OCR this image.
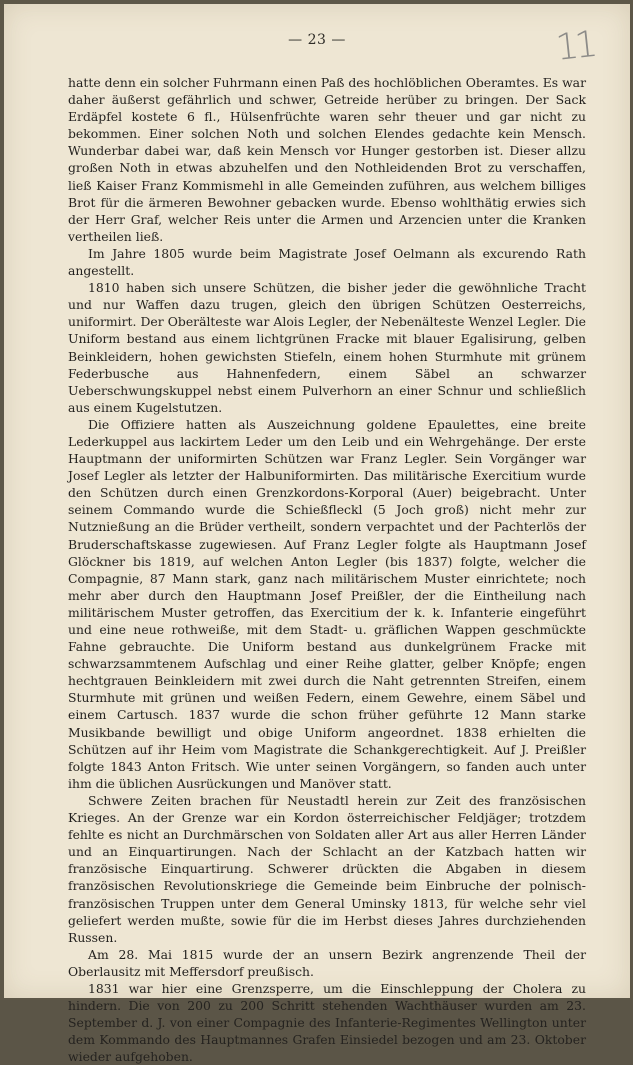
— 23 —	11

hatte denn ein solcher Fuhrmann einen Paß des hochlöblichen Oberamtes. Es war daher äußerst gefährlich und schwer, Getreide herüber zu bringen. Der Sack Erdäpfel kostete 6 fl., Hülsenfrüchte waren sehr theuer und gar nicht zu bekommen. Einer solchen Noth und solchen Elendes gedachte kein Mensch. Wunderbar dabei war, daß kein Mensch vor Hunger gestorben ist. Dieser allzu großen Noth in etwas abzuhelfen und den Nothleidenden Brot zu verschaffen, ließ Kaiser Franz Kommismehl in alle Gemeinden zuführen, aus welchem billiges Brot für die ärmeren Bewohner gebacken wurde. Ebenso wohlthätig erwies sich der Herr Graf, welcher Reis unter die Armen und Arzencien unter die Kranken vertheilen ließ.

Im Jahre 1805 wurde beim Magistrate Josef Oelmann als excurendo Rath angestellt.

1810 haben sich unsere Schützen, die bisher jeder die gewöhnliche Tracht und nur Waffen dazu trugen, gleich den übrigen Schützen Oesterreichs, uniformirt. Der Oberälteste war Alois Legler, der Nebenälteste Wenzel Legler. Die Uniform bestand aus einem lichtgrünen Fracke mit blauer Egalisirung, gelben Beinkleidern, hohen gewichsten Stiefeln, einem hohen Sturmhute mit grünem Federbusche aus Hahnenfedern, einem Säbel an schwarzer Ueberschwungskuppel nebst einem Pulverhorn an einer Schnur und schließlich aus einem Kugelstutzen.

Die Offiziere hatten als Auszeichnung goldene Epaulettes, eine breite Lederkuppel aus lackirtem Leder um den Leib und ein Wehrgehänge. Der erste Hauptmann der uniformirten Schützen war Franz Legler. Sein Vorgänger war Josef Legler als letzter der Halbuniformirten. Das militärische Exercitium wurde den Schützen durch einen Grenzkordons-Korporal (Auer) beigebracht. Unter seinem Commando wurde die Schießfleckl (5 Joch groß) nicht mehr zur Nutznießung an die Brüder vertheilt, sondern verpachtet und der Pachterlös der Bruderschaftskasse zugewiesen. Auf Franz Legler folgte als Hauptmann Josef Glöckner bis 1819, auf welchen Anton Legler (bis 1837) folgte, welcher die Compagnie, 87 Mann stark, ganz nach militärischem Muster einrichtete; noch mehr aber durch den Hauptmann Josef Preißler, der die Eintheilung nach militärischem Muster getroffen, das Exercitium der k. k. Infanterie eingeführt und eine neue rothweiße, mit dem Stadt- u. gräflichen Wappen geschmückte Fahne gebrauchte. Die Uniform bestand aus dunkelgrünem Fracke mit schwarzsammtenem Aufschlag und einer Reihe glatter, gelber Knöpfe; engen hechtgrauen Beinkleidern mit zwei durch die Naht getrennten Streifen, einem Sturmhute mit grünen und weißen Federn, einem Gewehre, einem Säbel und einem Cartusch. 1837 wurde die schon früher geführte 12 Mann starke Musikbande bewilligt und obige Uniform angeordnet. 1838 erhielten die Schützen auf ihr Heim vom Magistrate die Schankgerechtigkeit. Auf J. Preißler folgte 1843 Anton Fritsch. Wie unter seinen Vorgängern, so fanden auch unter ihm die üblichen Ausrückungen und Manöver statt.

Schwere Zeiten brachen für Neustadtl herein zur Zeit des französischen Krieges. An der Grenze war ein Kordon österreichischer Feldjäger; trotzdem fehlte es nicht an Durchmärschen von Soldaten aller Art aus aller Herren Länder und an Einquartirungen. Nach der Schlacht an der Katzbach hatten wir französische Einquartirung. Schwerer drückten die Abgaben in diesem französischen Revolutionskriege die Gemeinde beim Einbruche der polnisch-französischen Truppen unter dem General Uminsky 1813, für welche sehr viel geliefert werden mußte, sowie für die im Herbst dieses Jahres durchziehenden Russen.

Am 28. Mai 1815 wurde der an unsern Bezirk angrenzende Theil der Oberlausitz mit Meffersdorf preußisch.

1831 war hier eine Grenzsperre, um die Einschleppung der Cholera zu hindern. Die von 200 zu 200 Schritt stehenden Wachthäuser wurden am 23. September d. J. von einer Compagnie des Infanterie-Regimentes Wellington unter dem Kommando des Hauptmannes Grafen Einsiedel bezogen und am 23. Oktober wieder aufgehoben.
